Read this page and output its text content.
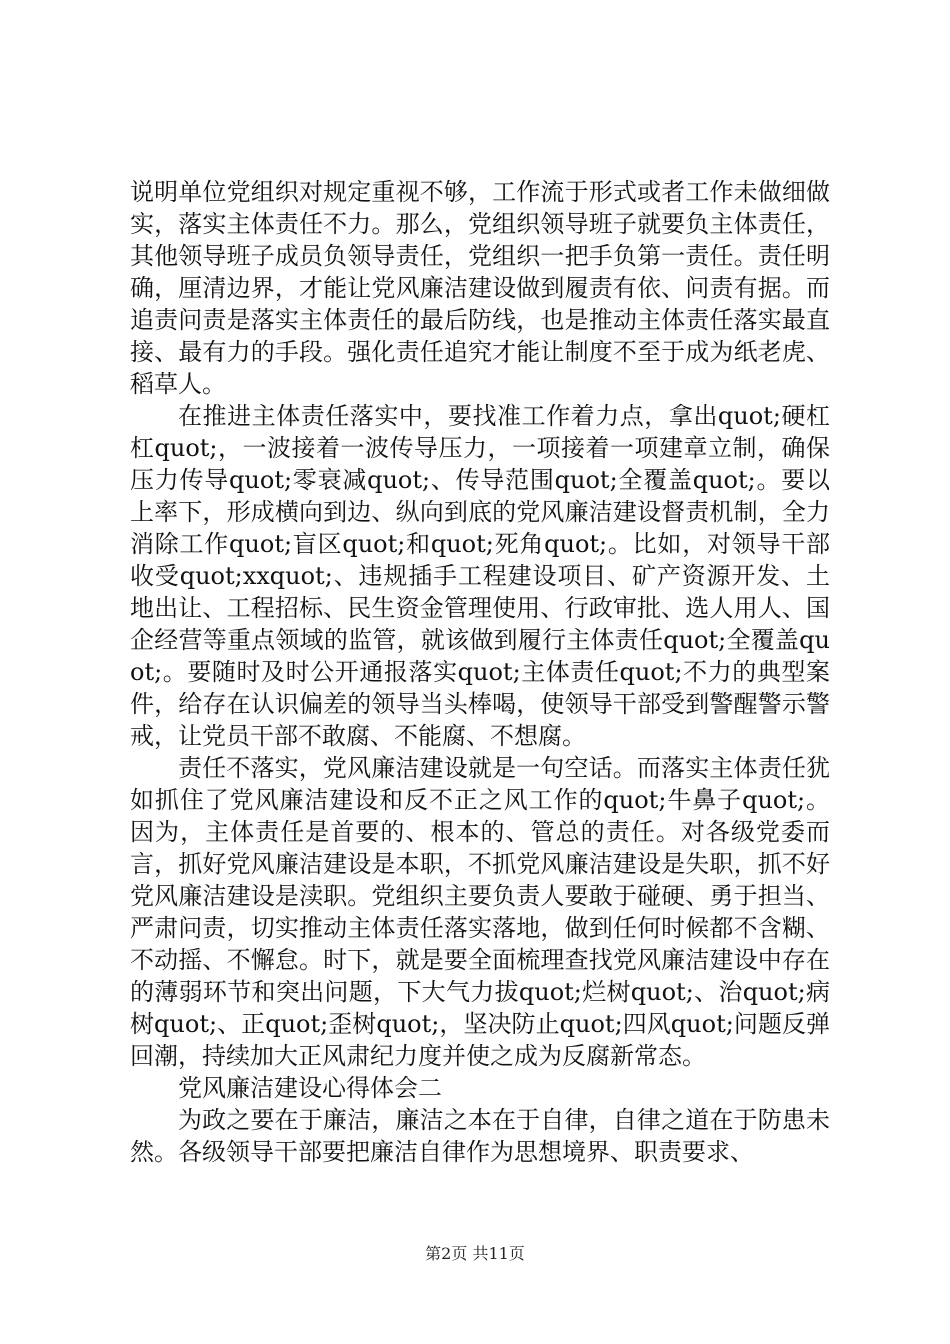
说明单位党组织对规定重视不够，工作流于形式或者工作未做细做实，落实主体责任不力。那么，党组织领导班子就要负主体责任，其他领导班子成员负领导责任，党组织一把手负第一责任。责任明确，厘清边界，才能让党风廉洁建设做到履责有依、问责有据。而追责问责是落实主体责任的最后防线，也是推动主体责任落实最直接、最有力的手段。强化责任追究才能让制度不至于成为纸老虎、稻草人。

在推进主体责任落实中，要找准工作着力点，拿出quot;硬杠杠quot;，一波接着一波传导压力，一项接着一项建章立制，确保压力传导quot;零衰减quot;、传导范围quot;全覆盖quot;。要以上率下，形成横向到边、纵向到底的党风廉洁建设督责机制，全力消除工作quot;盲区quot;和quot;死角quot;。比如，对领导干部收受quot;xxquot;、违规插手工程建设项目、矿产资源开发、土地出让、工程招标、民生资金管理使用、行政审批、选人用人、国企经营等重点领域的监管，就该做到履行主体责任quot;全覆盖quot;。要随时及时公开通报落实quot;主体责任quot;不力的典型案件，给存在认识偏差的领导当头棒喝，使领导干部受到警醒警示警戒，让党员干部不敢腐、不能腐、不想腐。

责任不落实，党风廉洁建设就是一句空话。而落实主体责任犹如抓住了党风廉洁建设和反不正之风工作的quot;牛鼻子quot;。因为，主体责任是首要的、根本的、管总的责任。对各级党委而言，抓好党风廉洁建设是本职，不抓党风廉洁建设是失职，抓不好党风廉洁建设是渎职。党组织主要负责人要敢于碰硬、勇于担当、严肃问责，切实推动主体责任落实落地，做到任何时候都不含糊、不动摇、不懈怠。时下，就是要全面梳理查找党风廉洁建设中存在的薄弱环节和突出问题，下大气力拔quot;烂树quot;、治quot;病树quot;、正quot;歪树quot;，坚决防止quot;四风quot;问题反弹回潮，持续加大正风肃纪力度并使之成为反腐新常态。

党风廉洁建设心得体会二

为政之要在于廉洁，廉洁之本在于自律，自律之道在于防患未然。各级领导干部要把廉洁自律作为思想境界、职责要求、

第2页 共11页
